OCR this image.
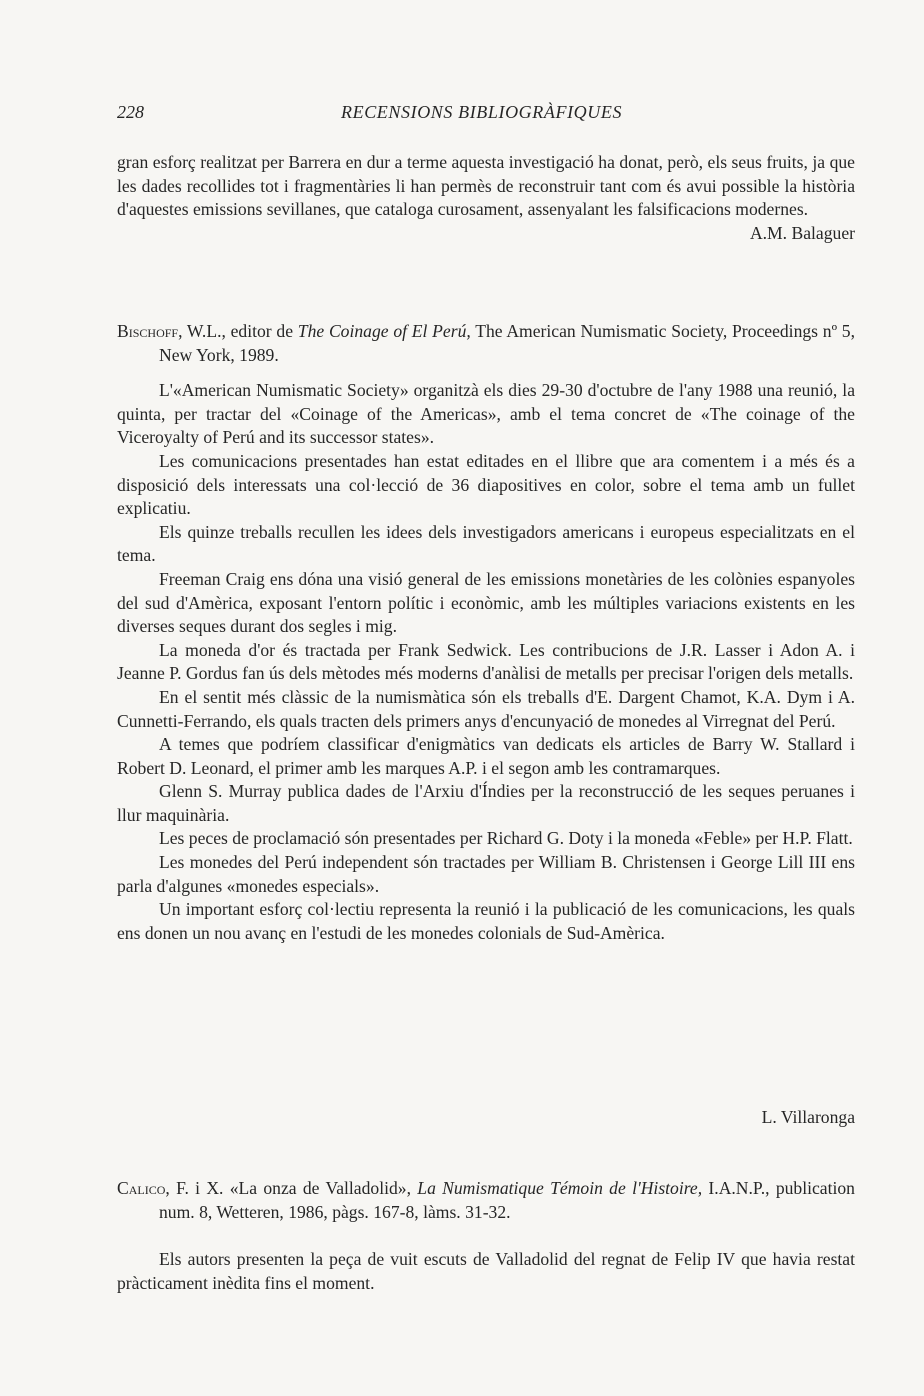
228	RECENSIONS BIBLIOGRÀFIQUES

gran esforç realitzat per Barrera en dur a terme aquesta investigació ha donat, però, els seus fruits, ja que les dades recollides tot i fragmentàries li han permès de reconstruir tant com és avui possible la història d'aquestes emissions sevillanes, que cataloga curosament, assenyalant les falsificacions modernes.

A.M. Balaguer

Bischoff, W.L., editor de The Coinage of El Perú, The American Numismatic Society, Proceedings nº 5, New York, 1989.

L'«American Numismatic Society» organitzà els dies 29-30 d'octubre de l'any 1988 una reunió, la quinta, per tractar del «Coinage of the Americas», amb el tema concret de «The coinage of the Viceroyalty of Perú and its successor states».

Les comunicacions presentades han estat editades en el llibre que ara comentem i a més és a disposició dels interessats una col·lecció de 36 diapositives en color, sobre el tema amb un fullet explicatiu.

Els quinze treballs recullen les idees dels investigadors americans i europeus especialitzats en el tema.

Freeman Craig ens dóna una visió general de les emissions monetàries de les colònies espanyoles del sud d'Amèrica, exposant l'entorn polític i econòmic, amb les múltiples variacions existents en les diverses seques durant dos segles i mig.

La moneda d'or és tractada per Frank Sedwick. Les contribucions de J.R. Lasser i Adon A. i Jeanne P. Gordus fan ús dels mètodes més moderns d'anàlisi de metalls per precisar l'origen dels metalls.

En el sentit més clàssic de la numismàtica són els treballs d'E. Dargent Chamot, K.A. Dym i A. Cunnetti-Ferrando, els quals tracten dels primers anys d'encunyació de monedes al Virregnat del Perú.

A temes que podríem classificar d'enigmàtics van dedicats els articles de Barry W. Stallard i Robert D. Leonard, el primer amb les marques A.P. i el segon amb les contramarques.

Glenn S. Murray publica dades de l'Arxiu d'Índies per la reconstrucció de les seques peruanes i llur maquinària.

Les peces de proclamació són presentades per Richard G. Doty i la moneda «Feble» per H.P. Flatt.

Les monedes del Perú independent són tractades per William B. Christensen i George Lill III ens parla d'algunes «monedes especials».

Un important esforç col·lectiu representa la reunió i la publicació de les comunicacions, les quals ens donen un nou avanç en l'estudi de les monedes colonials de Sud-Amèrica.

L. Villaronga

Calico, F. i X. «La onza de Valladolid», La Numismatique Témoin de l'Histoire, I.A.N.P., publication num. 8, Wetteren, 1986, pàgs. 167-8, làms. 31-32.

Els autors presenten la peça de vuit escuts de Valladolid del regnat de Felip IV que havia restat pràcticament inèdita fins el moment.
